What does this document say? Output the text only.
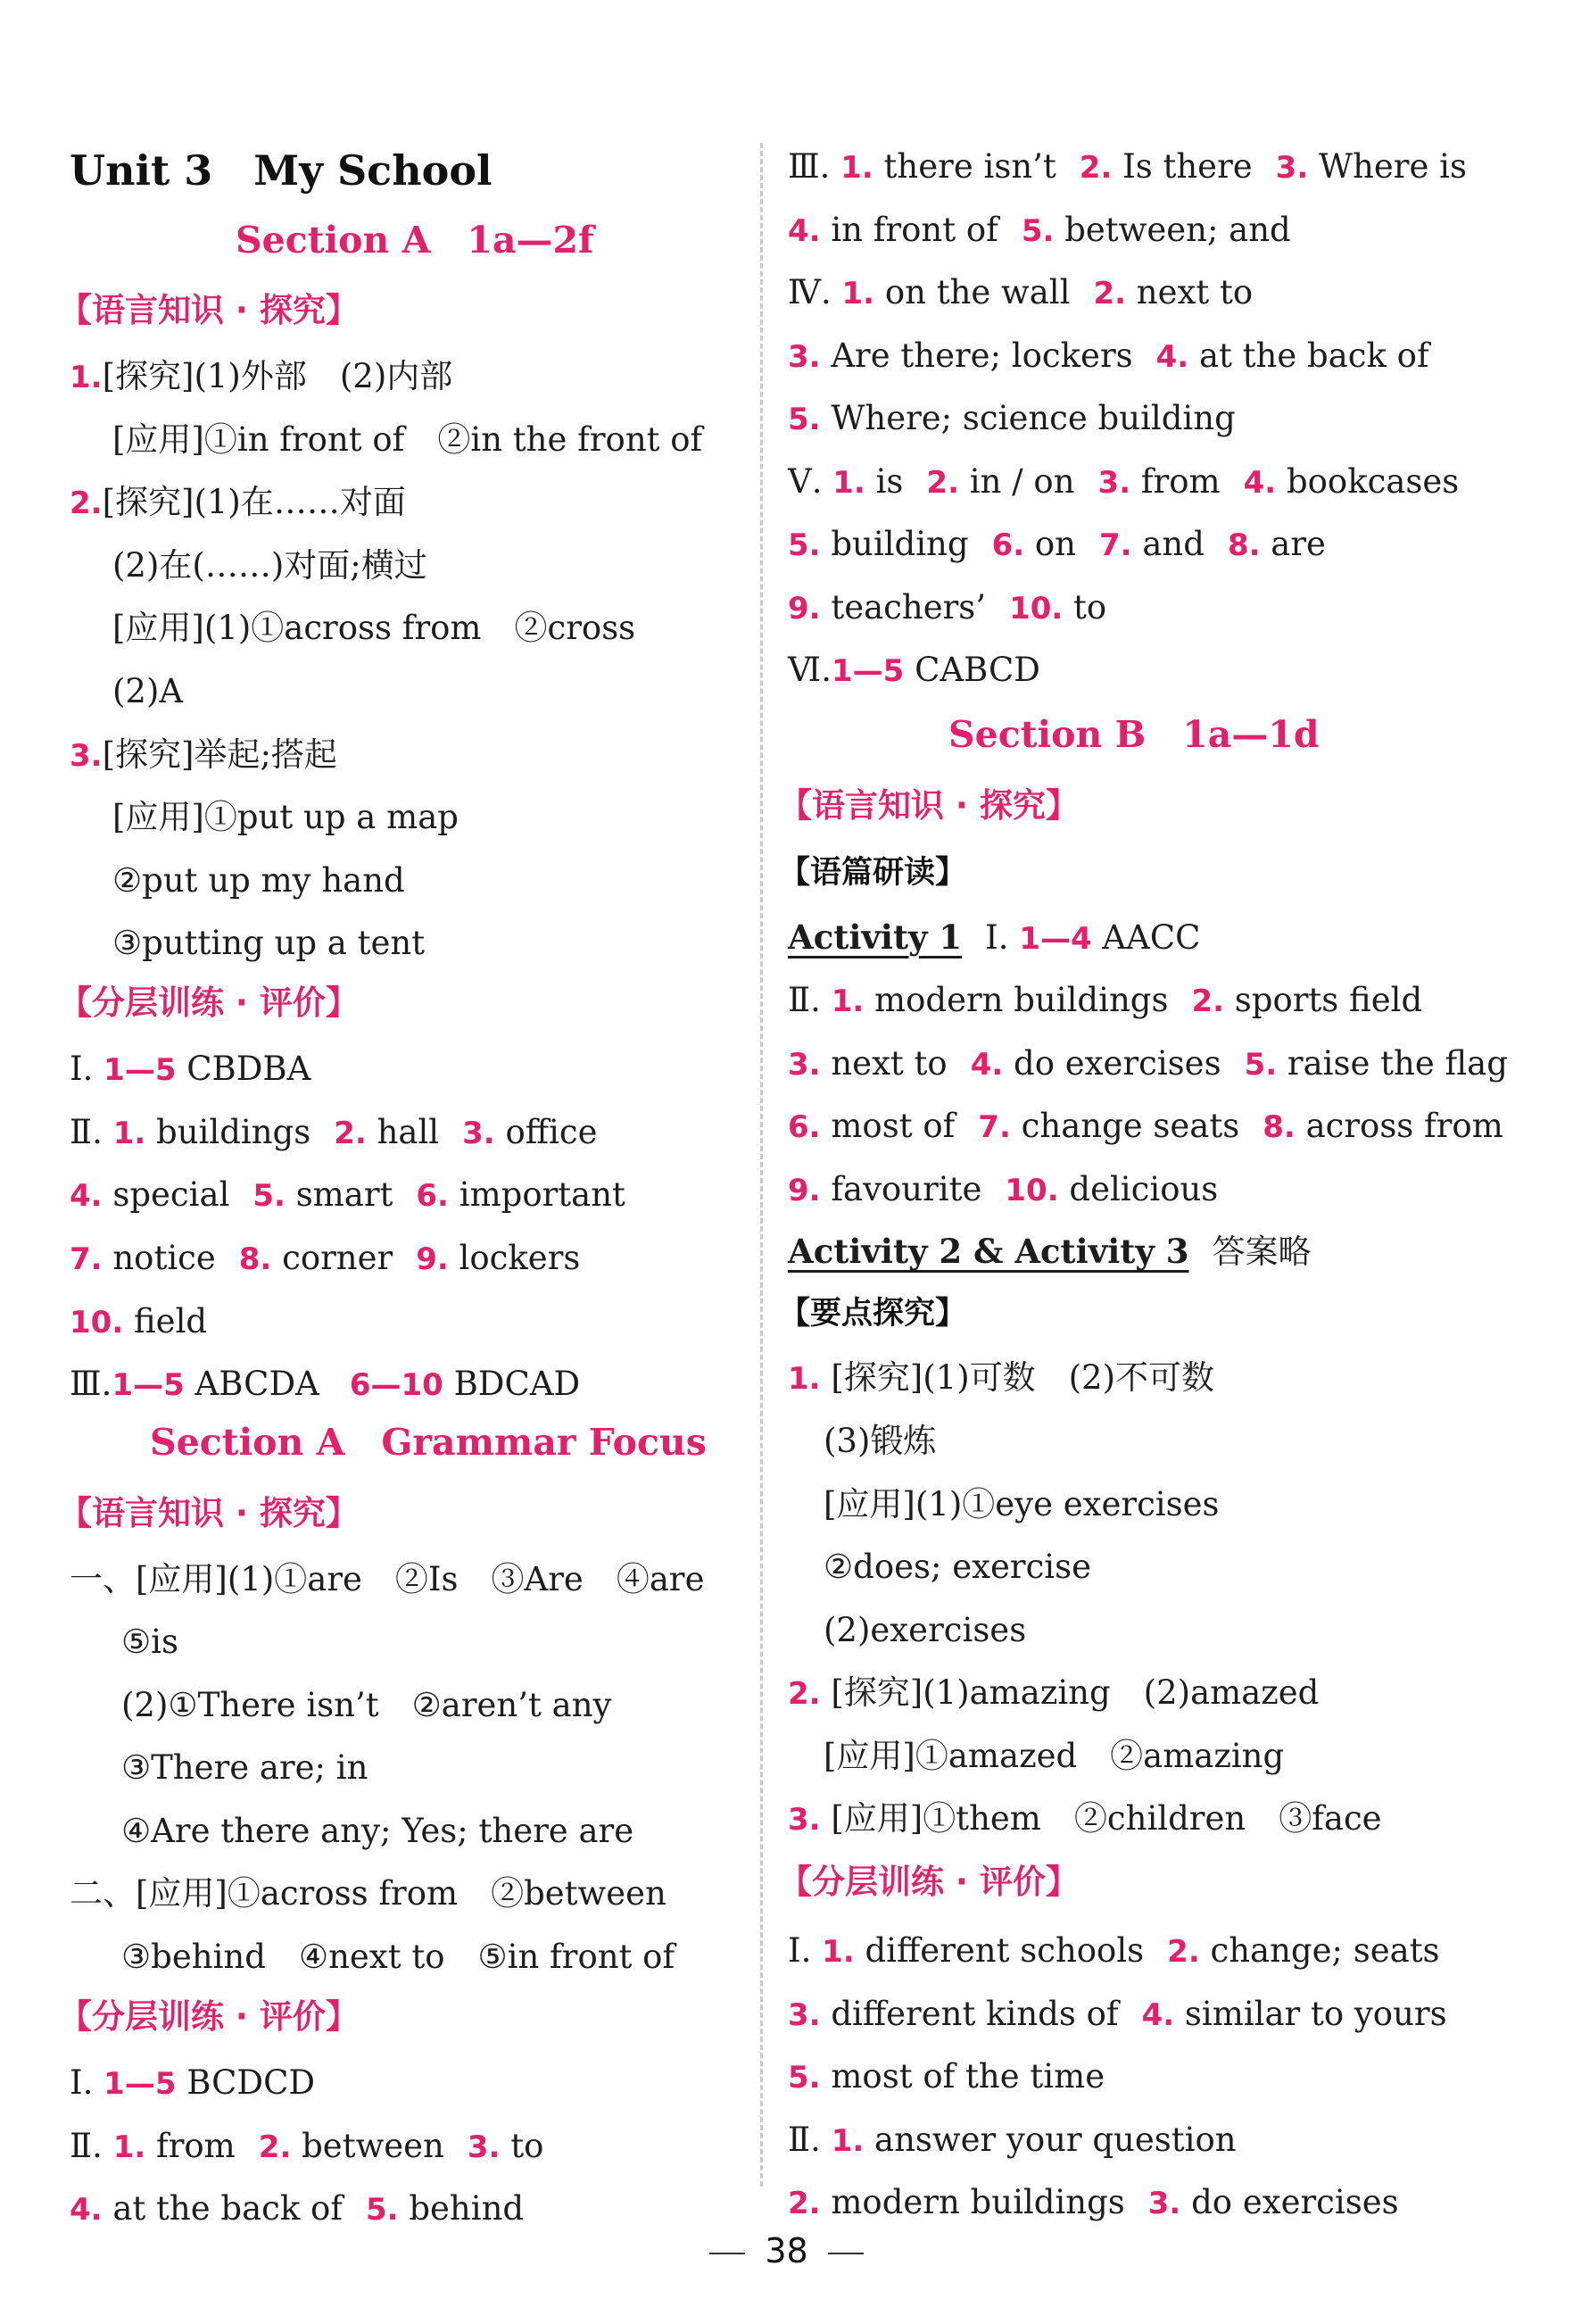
Unit 3　My School
Section A　1a—2f
【语言知识 · 探究】
1.[探究](1)外部　(2)内部
[应用]①in front of　②in the front of
2.[探究](1)在……对面
(2)在(……)对面;横过
[应用](1)①across from　②cross
(2)A
3.[探究]举起;搭起
[应用]①put up a map
②put up my hand
③putting up a tent
【分层训练 · 评价】
Ⅰ. 1—5 CBDBA
Ⅱ. 1. buildings 2. hall 3. office
4. special 5. smart 6. important
7. notice 8. corner 9. lockers
10. field
Ⅲ.1—5 ABCDA 6—10 BDCAD
Section A　Grammar Focus
【语言知识 · 探究】
一、[应用](1)①are　②Is　③Are　④are
⑤is
(2)①There isn’t　②aren’t any
③There are; in
④Are there any; Yes; there are
二、[应用]①across from　②between
③behind　④next to　⑤in front of
【分层训练 · 评价】
Ⅰ. 1—5 BCDCD
Ⅱ. 1. from 2. between 3. to
4. at the back of 5. behind
Ⅲ. 1. there isn’t 2. Is there 3. Where is
4. in front of 5. between; and
Ⅳ. 1. on the wall 2. next to
3. Are there; lockers 4. at the back of
5. Where; science building
Ⅴ. 1. is 2. in / on 3. from 4. bookcases
5. building 6. on 7. and 8. are
9. teachers’ 10. to
Ⅵ.1—5 CABCD
Section B　1a—1d
【语言知识 · 探究】
【语篇研读】
Activity 1 Ⅰ. 1—4 AACC
Ⅱ. 1. modern buildings 2. sports field
3. next to 4. do exercises 5. raise the flag
6. most of 7. change seats 8. across from
9. favourite 10. delicious
Activity 2 & Activity 3 答案略
【要点探究】
1. [探究](1)可数　(2)不可数
(3)锻炼
[应用](1)①eye exercises
②does; exercise
(2)exercises
2. [探究](1)amazing　(2)amazed
[应用]①amazed　②amazing
3. [应用]①them　②children　③face
【分层训练 · 评价】
Ⅰ. 1. different schools 2. change; seats
3. different kinds of 4. similar to yours
5. most of the time
Ⅱ. 1. answer your question
2. modern buildings 3. do exercises
38
